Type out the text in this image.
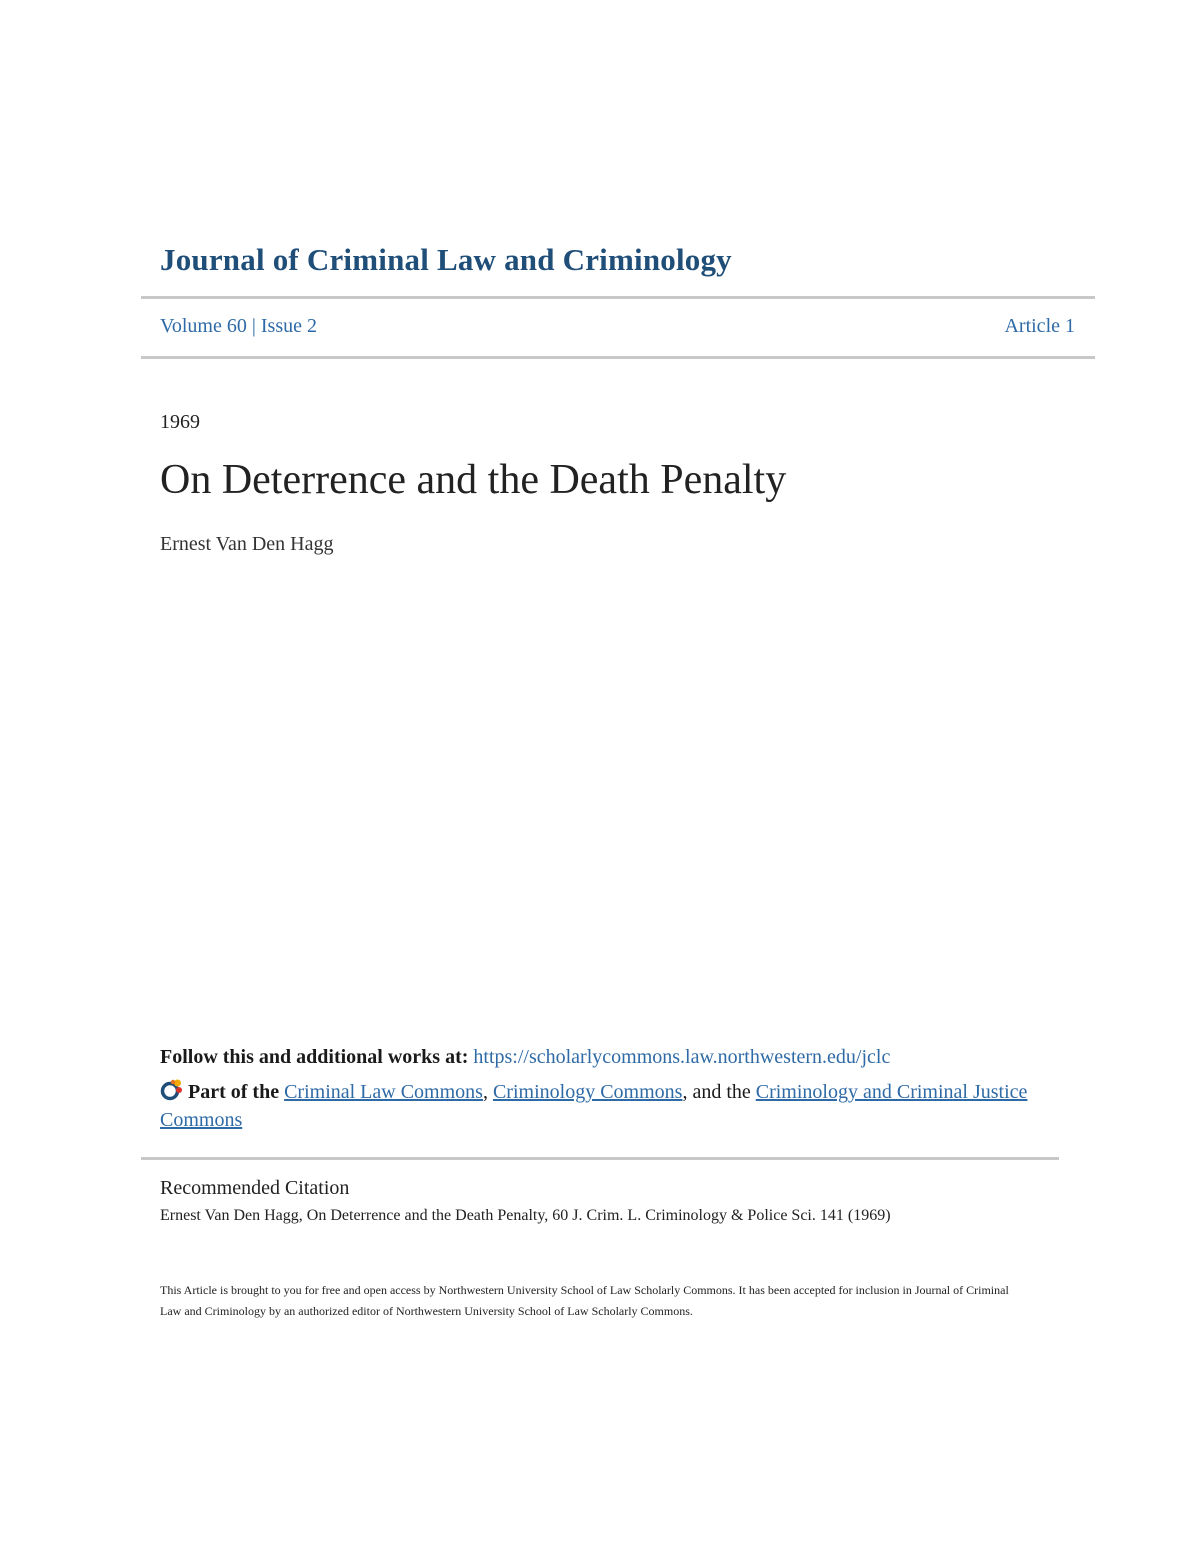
Journal of Criminal Law and Criminology
Volume 60 | Issue 2	Article 1
1969
On Deterrence and the Death Penalty
Ernest Van Den Hagg
Follow this and additional works at: https://scholarlycommons.law.northwestern.edu/jclc
Part of the Criminal Law Commons, Criminology Commons, and the Criminology and Criminal Justice Commons
Recommended Citation
Ernest Van Den Hagg, On Deterrence and the Death Penalty, 60 J. Crim. L. Criminology & Police Sci. 141 (1969)
This Article is brought to you for free and open access by Northwestern University School of Law Scholarly Commons. It has been accepted for inclusion in Journal of Criminal Law and Criminology by an authorized editor of Northwestern University School of Law Scholarly Commons.
